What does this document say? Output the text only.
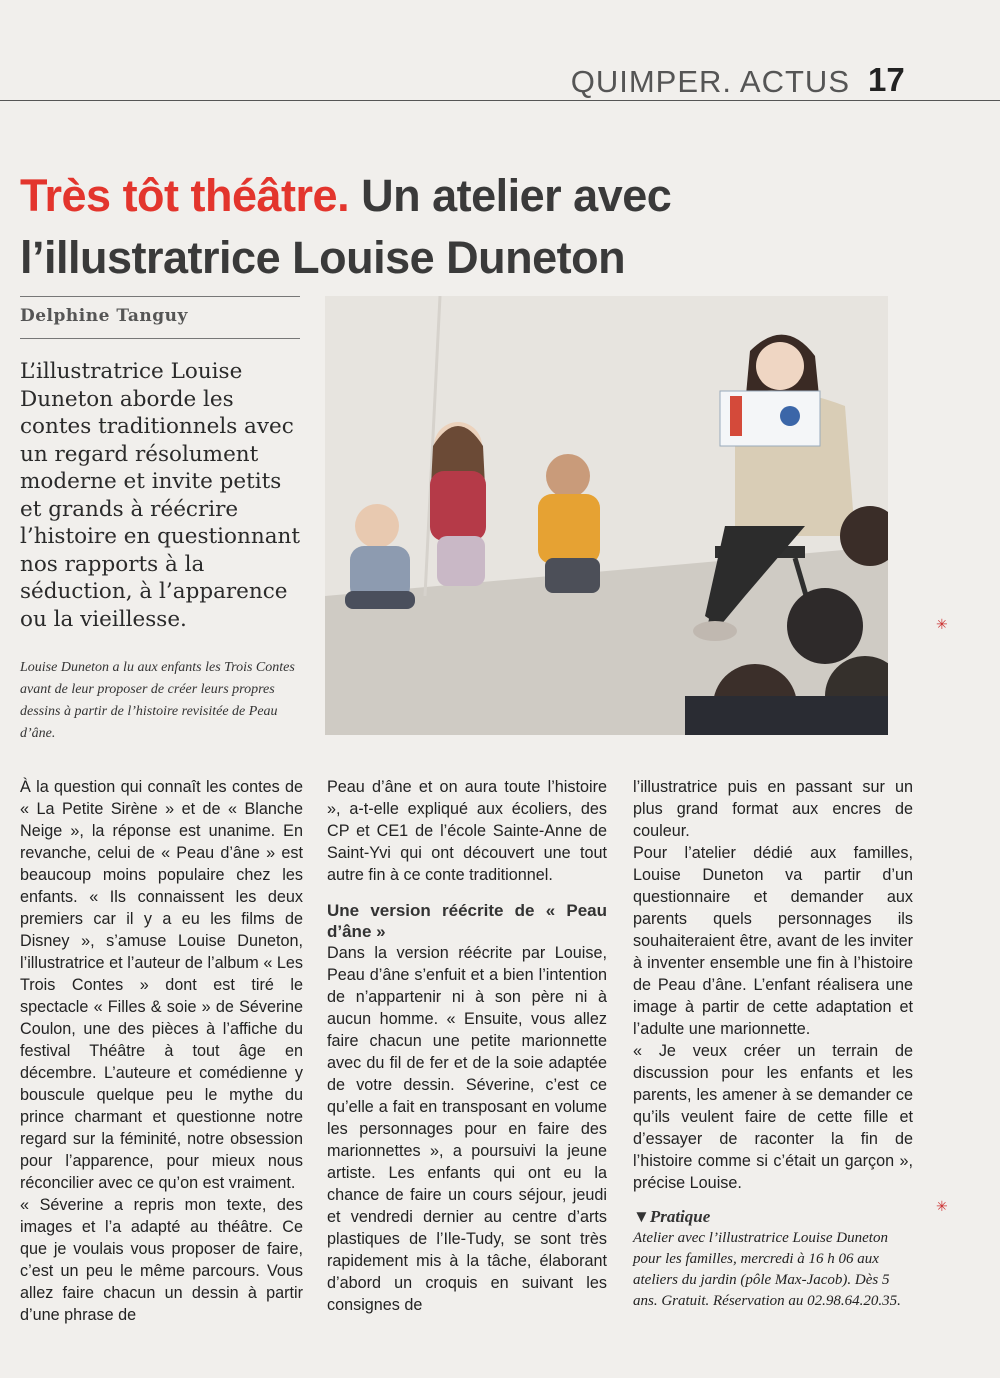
QUIMPER. ACTUS 17
Très tôt théâtre. Un atelier avec l’illustratrice Louise Duneton
Delphine Tanguy
L’illustratrice Louise Duneton aborde les contes traditionnels avec un regard résolument moderne et invite petits et grands à réécrire l’histoire en questionnant nos rapports à la séduction, à l’apparence ou la vieillesse.
Louise Duneton a lu aux enfants les Trois Contes avant de leur proposer de créer leurs propres dessins à partir de l’histoire revisitée de Peau d’âne.

À la question qui connaît les contes de « La Petite Sirène » et de « Blanche Neige », la réponse est unanime. En revanche, celui de « Peau d’âne » est beaucoup moins populaire chez les enfants. « Ils connaissent les deux premiers car il y a eu les films de Disney », s’amuse Louise Duneton, l’illustratrice et l’auteur de l’album « Les Trois Contes » dont est tiré le spectacle « Filles & soie » de Séverine Coulon, une des pièces à l’affiche du festival Théâtre à tout âge en décembre. L’auteure et comédienne y bouscule quelque peu le mythe du prince charmant et questionne notre regard sur la féminité, notre obsession pour l’apparence, pour mieux nous réconcilier avec ce qu’on est vraiment.

« Séverine a repris mon texte, des images et l’a adapté au théâtre. Ce que je voulais vous proposer de faire, c’est un peu le même parcours. Vous allez faire chacun un dessin à partir d’une phrase de

Peau d’âne et on aura toute l’histoire », a-t-elle expliqué aux écoliers, des CP et CE1 de l’école Sainte-Anne de Saint-Yvi qui ont découvert une tout autre fin à ce conte traditionnel.

Une version réécrite de « Peau d’âne »

Dans la version réécrite par Louise, Peau d’âne s’enfuit et a bien l’intention de n’appartenir ni à son père ni à aucun homme. « Ensuite, vous allez faire chacun une petite marionnette avec du fil de fer et de la soie adaptée de votre dessin. Séverine, c’est ce qu’elle a fait en transposant en volume les personnages pour en faire des marionnettes », a poursuivi la jeune artiste. Les enfants qui ont eu la chance de faire un cours séjour, jeudi et vendredi dernier au centre d’arts plastiques de l’Ile-Tudy, se sont très rapidement mis à la tâche, élaborant d’abord un croquis en suivant les consignes de

l’illustratrice puis en passant sur un plus grand format aux encres de couleur.

Pour l’atelier dédié aux familles, Louise Duneton va partir d’un questionnaire et demander aux parents quels personnages ils souhaiteraient être, avant de les inviter à inventer ensemble une fin à l’histoire de Peau d’âne. L’enfant réalisera une image à partir de cette adaptation et l’adulte une marionnette.

« Je veux créer un terrain de discussion pour les enfants et les parents, les amener à se demander ce qu’ils veulent faire de cette fille et d’essayer de raconter la fin de l’histoire comme si c’était un garçon », précise Louise.

▼Pratique
Atelier avec l’illustratrice Louise Duneton pour les familles, mercredi à 16 h 06 aux ateliers du jardin (pôle Max-Jacob). Dès 5 ans. Gratuit. Réservation au 02.98.64.20.35.
✳
✳
